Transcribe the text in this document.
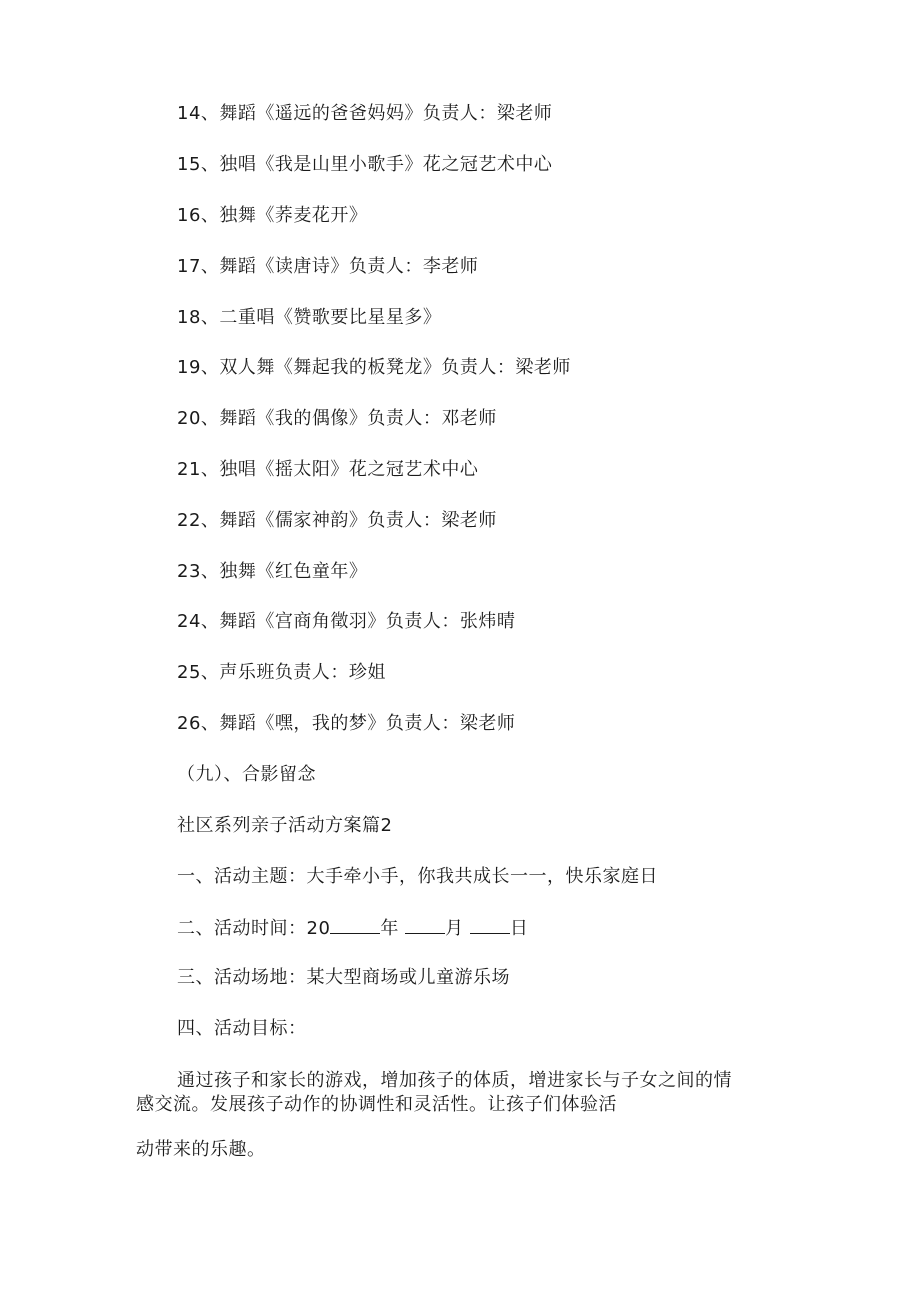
14、舞蹈《遥远的爸爸妈妈》负责人：梁老师
15、独唱《我是山里小歌手》花之冠艺术中心
16、独舞《荞麦花开》
17、舞蹈《读唐诗》负责人：李老师
18、二重唱《赞歌要比星星多》
19、双人舞《舞起我的板凳龙》负责人：梁老师
20、舞蹈《我的偶像》负责人：邓老师
21、独唱《摇太阳》花之冠艺术中心
22、舞蹈《儒家神韵》负责人：梁老师
23、独舞《红色童年》
24、舞蹈《宫商角徵羽》负责人：张炜晴
25、声乐班负责人：珍姐
26、舞蹈《嘿，我的梦》负责人：梁老师
（九）、合影留念
社区系列亲子活动方案篇2
一、活动主题：大手牵小手，你我共成长一一，快乐家庭日
二、活动时间：20	年	月	日
三、活动场地：某大型商场或儿童游乐场
四、活动目标：
通过孩子和家长的游戏，增加孩子的体质，增进家长与子女之间的情
感交流。发展孩子动作的协调性和灵活性。让孩子们体验活
动带来的乐趣。
